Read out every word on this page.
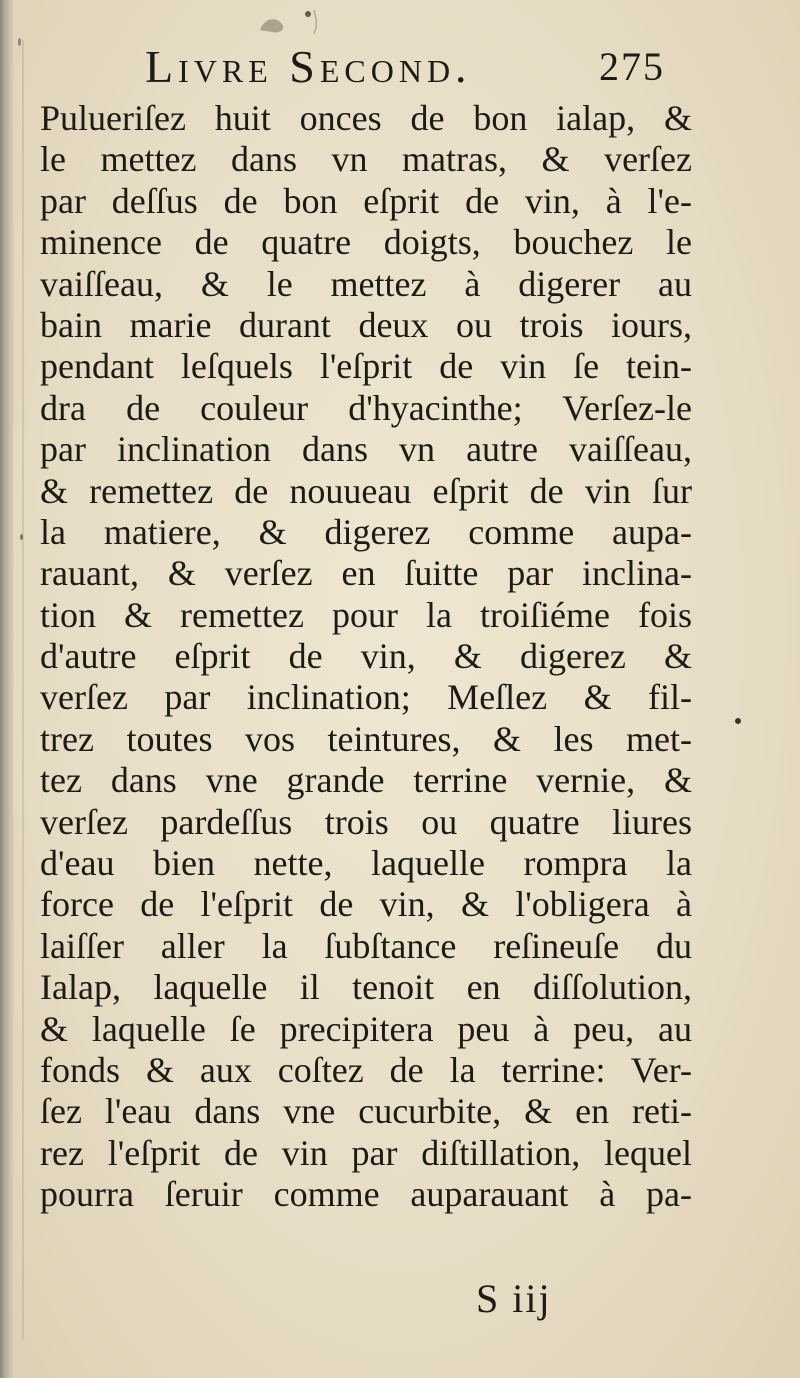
Livre Second.	275
Pulueriſez huit onces de bon ialap, &
le mettez dans vn matras, & verſez
par deſſus de bon eſprit de vin, à l'e-
minence de quatre doigts, bouchez le
vaiſſeau, & le mettez à digerer au
bain marie durant deux ou trois iours,
pendant leſquels l'eſprit de vin ſe tein-
dra de couleur d'hyacinthe; Verſez-le
par inclination dans vn autre vaiſſeau,
& remettez de nouueau eſprit de vin ſur
la matiere, & digerez comme aupa-
rauant, & verſez en ſuitte par inclina-
tion & remettez pour la troiſiéme fois
d'autre eſprit de vin, & digerez &
verſez par inclination; Meſlez & fil-
trez toutes vos teintures, & les met-
tez dans vne grande terrine vernie, &
verſez pardeſſus trois ou quatre liures
d'eau bien nette, laquelle rompra la
force de l'eſprit de vin, & l'obligera à
laiſſer aller la ſubſtance reſineuſe du
Ialap, laquelle il tenoit en diſſolution,
& laquelle ſe precipitera peu à peu, au
fonds & aux coſtez de la terrine: Ver-
ſez l'eau dans vne cucurbite, & en reti-
rez l'eſprit de vin par diſtillation, lequel
pourra ſeruir comme auparauant à pa-
S iij
